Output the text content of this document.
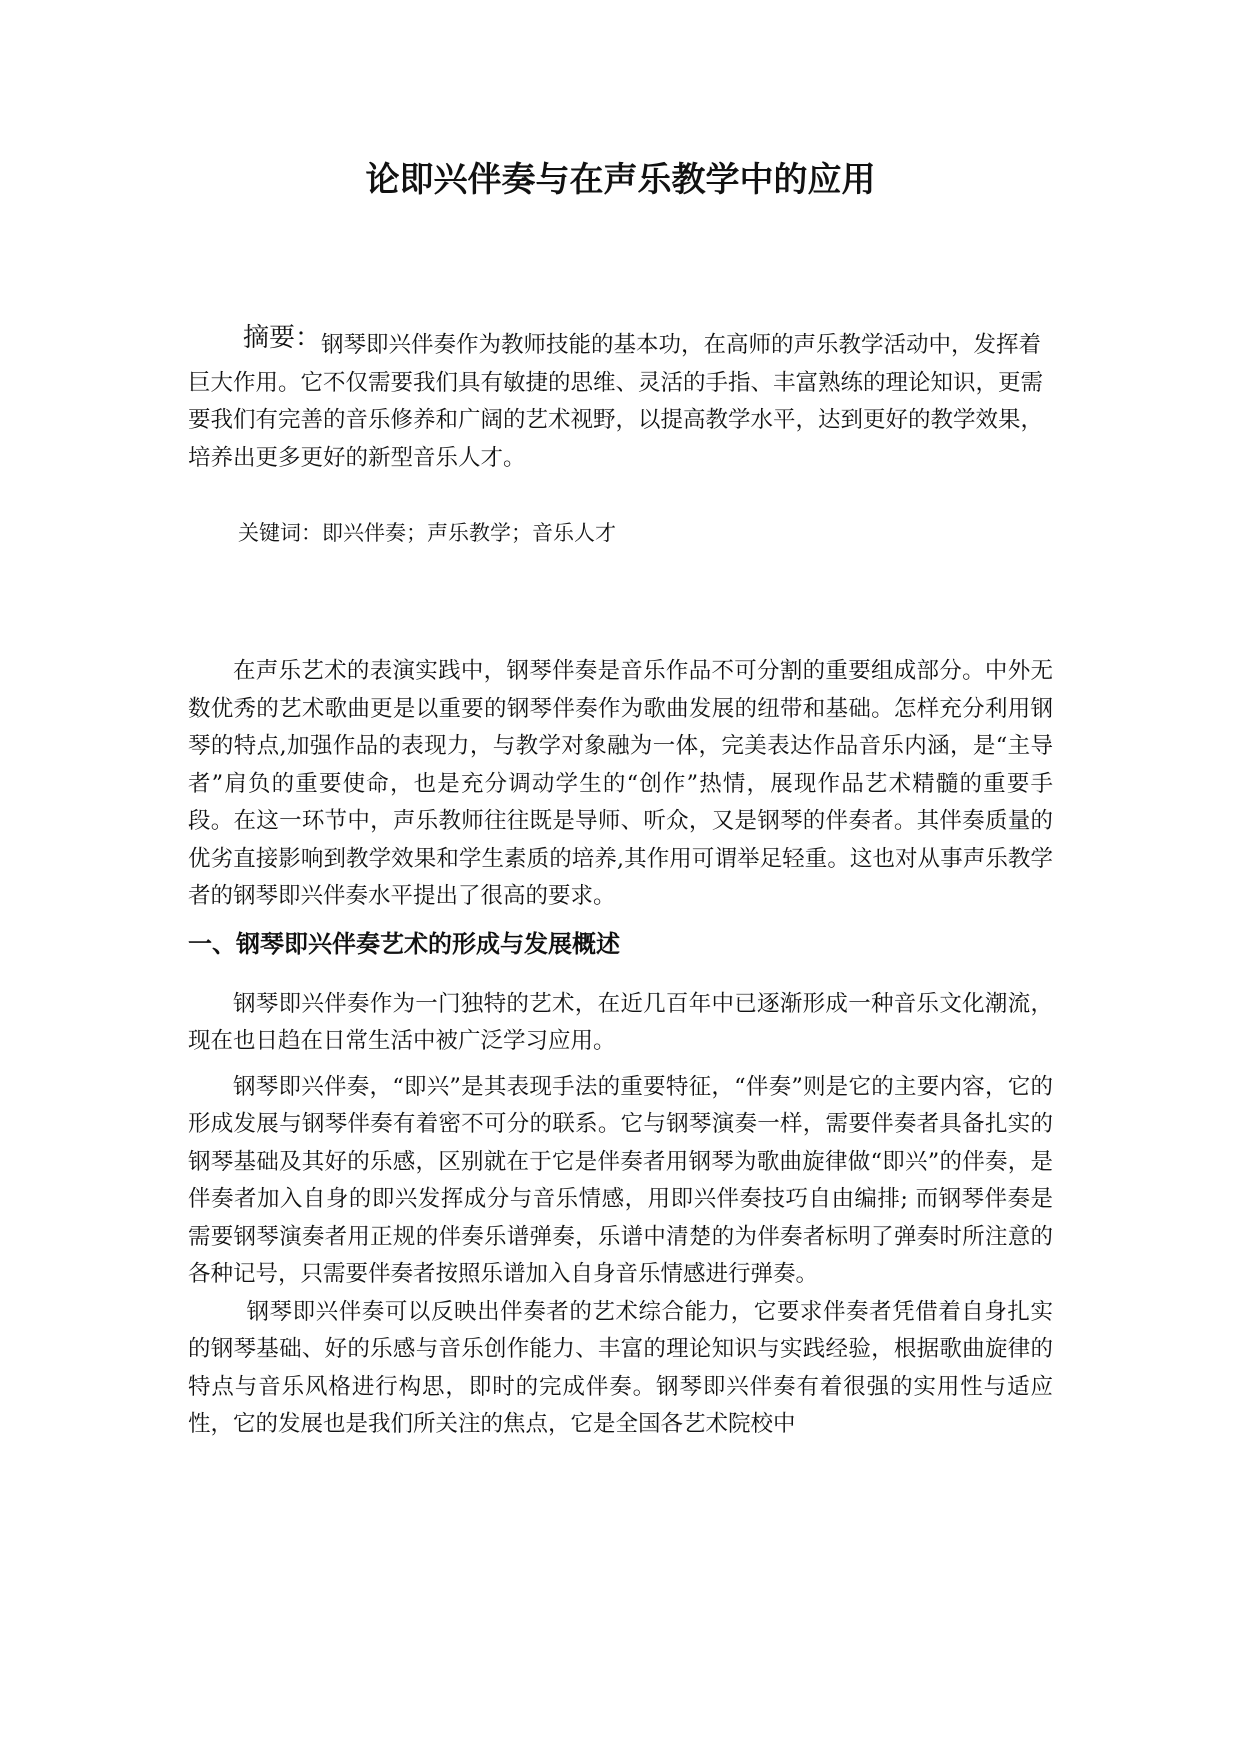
论即兴伴奏与在声乐教学中的应用
摘要：钢琴即兴伴奏作为教师技能的基本功，在高师的声乐教学活动中，发挥着巨大作用。它不仅需要我们具有敏捷的思维、灵活的手指、丰富熟练的理论知识，更需要我们有完善的音乐修养和广阔的艺术视野，以提高教学水平，达到更好的教学效果，培养出更多更好的新型音乐人才。
关键词：即兴伴奏；声乐教学；音乐人才

在声乐艺术的表演实践中，钢琴伴奏是音乐作品不可分割的重要组成部分。中外无数优秀的艺术歌曲更是以重要的钢琴伴奏作为歌曲发展的纽带和基础。怎样充分利用钢琴的特点,加强作品的表现力，与教学对象融为一体，完美表达作品音乐内涵，是“主导者”肩负的重要使命，也是充分调动学生的“创作”热情，展现作品艺术精髓的重要手段。在这一环节中，声乐教师往往既是导师、听众，又是钢琴的伴奏者。其伴奏质量的优劣直接影响到教学效果和学生素质的培养,其作用可谓举足轻重。这也对从事声乐教学者的钢琴即兴伴奏水平提出了很高的要求。

一、钢琴即兴伴奏艺术的形成与发展概述

钢琴即兴伴奏作为一门独特的艺术，在近几百年中已逐渐形成一种音乐文化潮流，现在也日趋在日常生活中被广泛学习应用。

钢琴即兴伴奏，“即兴”是其表现手法的重要特征，“伴奏”则是它的主要内容，它的形成发展与钢琴伴奏有着密不可分的联系。它与钢琴演奏一样，需要伴奏者具备扎实的钢琴基础及其好的乐感，区别就在于它是伴奏者用钢琴为歌曲旋律做“即兴”的伴奏，是伴奏者加入自身的即兴发挥成分与音乐情感，用即兴伴奏技巧自由编排; 而钢琴伴奏是需要钢琴演奏者用正规的伴奏乐谱弹奏，乐谱中清楚的为伴奏者标明了弹奏时所注意的各种记号，只需要伴奏者按照乐谱加入自身音乐情感进行弹奏。

钢琴即兴伴奏可以反映出伴奏者的艺术综合能力，它要求伴奏者凭借着自身扎实的钢琴基础、好的乐感与音乐创作能力、丰富的理论知识与实践经验，根据歌曲旋律的特点与音乐风格进行构思，即时的完成伴奏。钢琴即兴伴奏有着很强的实用性与适应性，它的发展也是我们所关注的焦点，它是全国各艺术院校中
